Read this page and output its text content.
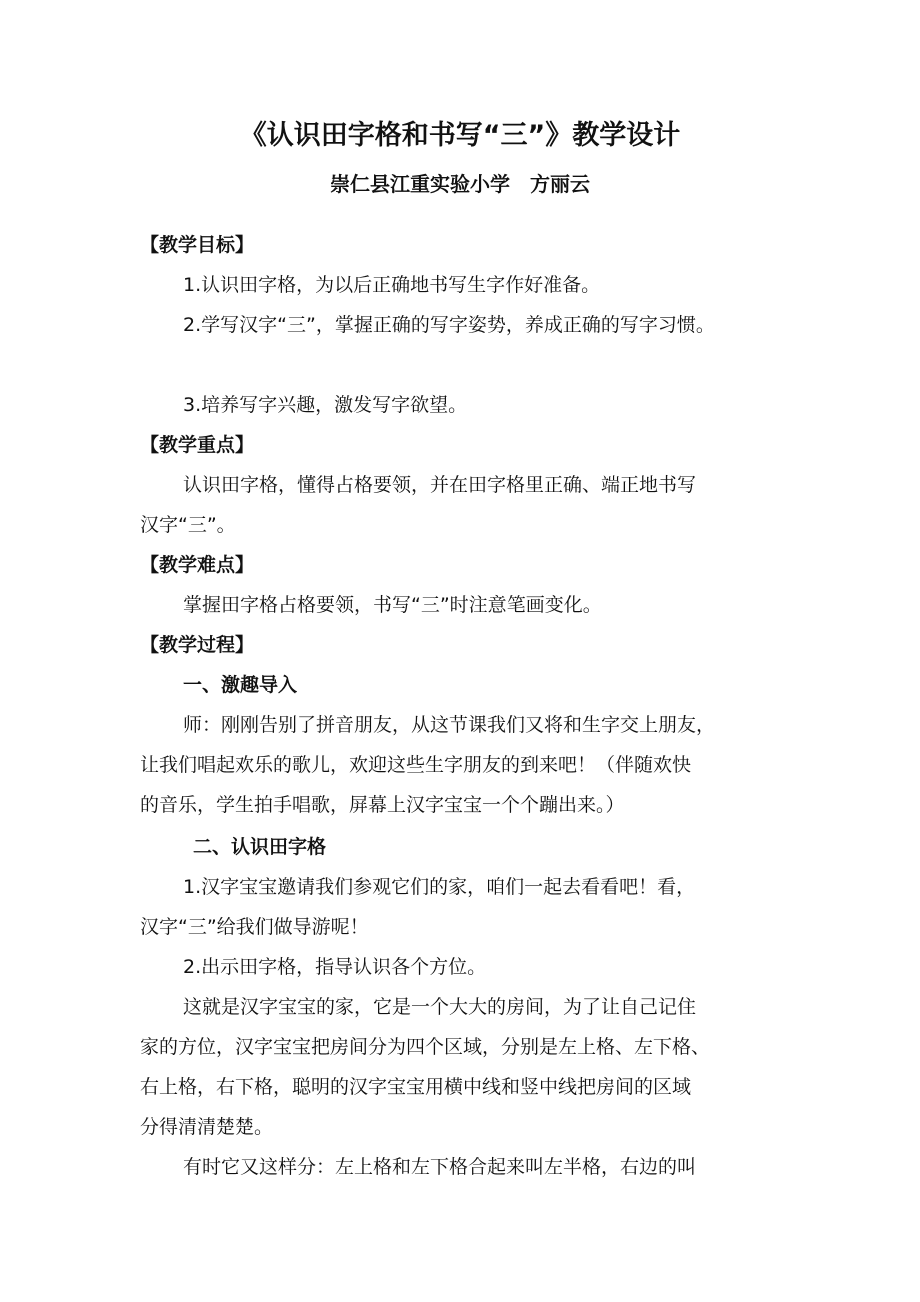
《认识田字格和书写“三”》教学设计
崇仁县江重实验小学　方丽云
【教学目标】
1.认识田字格，为以后正确地书写生字作好准备。
2.学写汉字“三”，掌握正确的写字姿势，养成正确的写字习惯。
3.培养写字兴趣，激发写字欲望。
【教学重点】
认识田字格，懂得占格要领，并在田字格里正确、端正地书写
汉字“三”。
【教学难点】
掌握田字格占格要领，书写“三”时注意笔画变化。
【教学过程】
一、激趣导入
师：刚刚告别了拼音朋友，从这节课我们又将和生字交上朋友，
让我们唱起欢乐的歌儿，欢迎这些生字朋友的到来吧！（伴随欢快
的音乐，学生拍手唱歌，屏幕上汉字宝宝一个个蹦出来。）
二、认识田字格
1.汉字宝宝邀请我们参观它们的家，咱们一起去看看吧！看，
汉字“三”给我们做导游呢！
2.出示田字格，指导认识各个方位。
这就是汉字宝宝的家，它是一个大大的房间，为了让自己记住
家的方位，汉字宝宝把房间分为四个区域，分别是左上格、左下格、
右上格，右下格，聪明的汉字宝宝用横中线和竖中线把房间的区域
分得清清楚楚。
有时它又这样分：左上格和左下格合起来叫左半格，右边的叫
